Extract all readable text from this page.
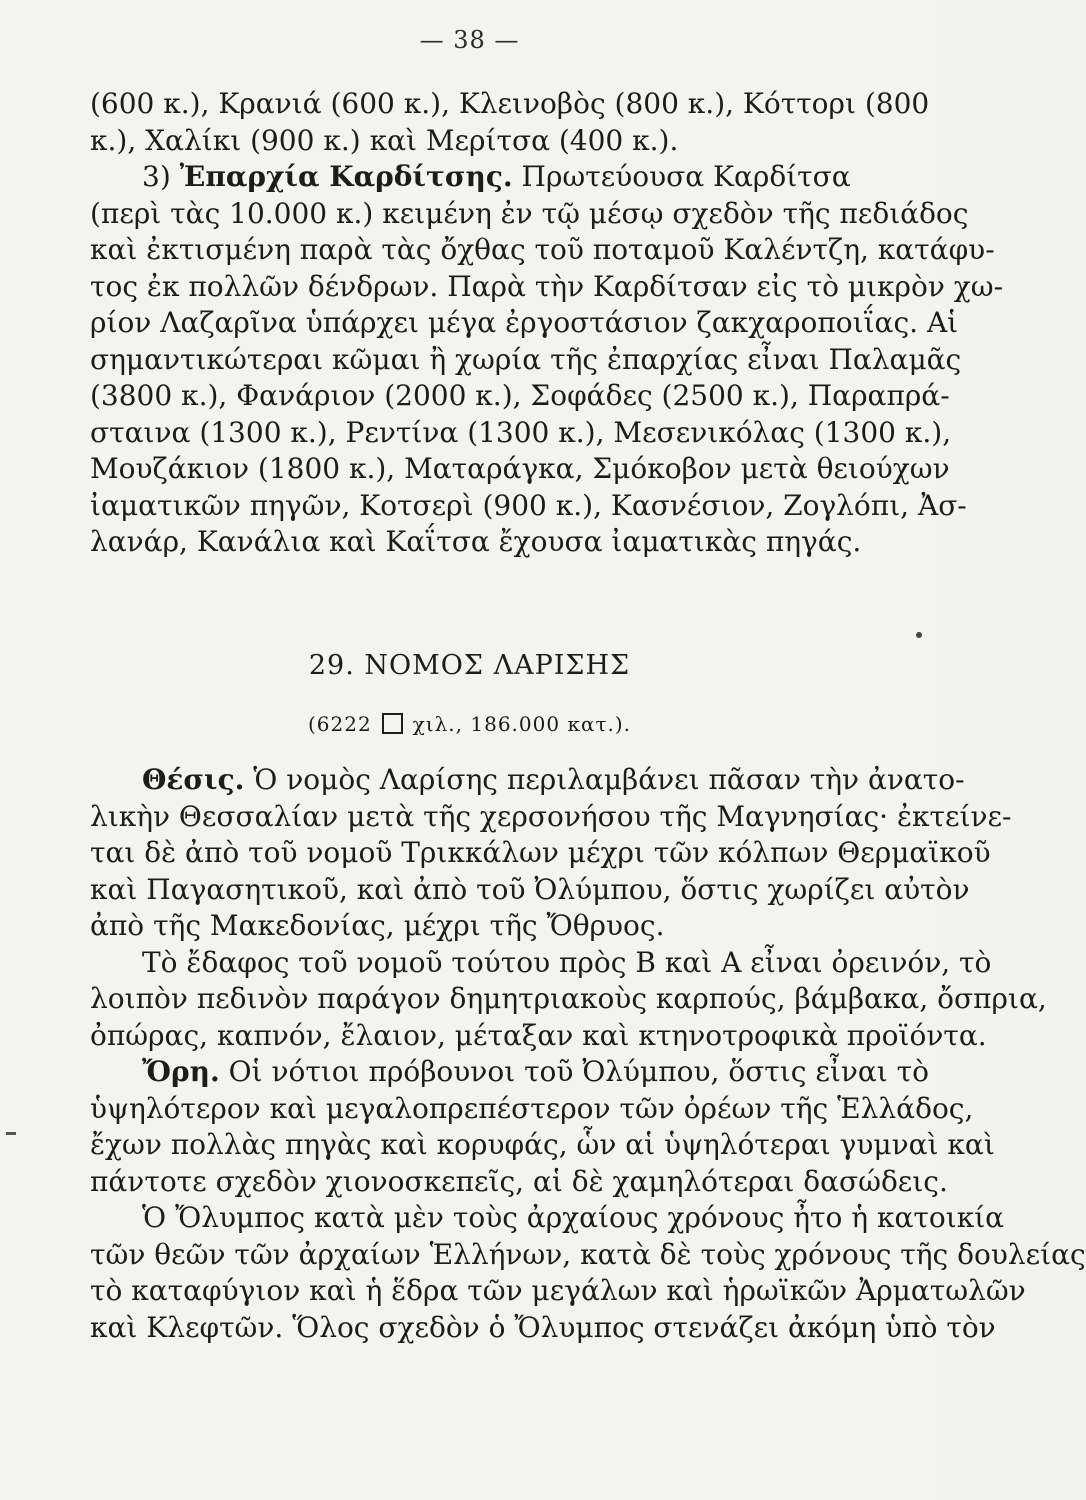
— 38 —
(600 κ.), Κρανιά (600 κ.), Κλεινοβὸς (800 κ.), Κόττορι (800
κ.), Χαλίκι (900 κ.) καὶ Μερίτσα (400 κ.).
3) Ἐπαρχία Καρδίτσης. Πρωτεύουσα Καρδίτσα
(περὶ τὰς 10.000 κ.) κειμένη ἐν τῷ μέσῳ σχεδὸν τῆς πεδιάδος
καὶ ἐκτισμένη παρὰ τὰς ὄχθας τοῦ ποταμοῦ Καλέντζη, κατάφυ-
τος ἐκ πολλῶν δένδρων. Παρὰ τὴν Καρδίτσαν εἰς τὸ μικρὸν χω-
ρίον Λαζαρῖνα ὑπάρχει μέγα ἐργοστάσιον ζακχαροποιΐας. Αἱ
σημαντικώτεραι κῶμαι ἢ χωρία τῆς ἐπαρχίας εἶναι Παλαμᾶς
(3800 κ.), Φανάριον (2000 κ.), Σοφάδες (2500 κ.), Παραπρά-
σταινα (1300 κ.), Ρεντίνα (1300 κ.), Μεσενικόλας (1300 κ.),
Μουζάκιον (1800 κ.), Ματαράγκα, Σμόκοβον μετὰ θειούχων
ἰαματικῶν πηγῶν, Κοτσερὶ (900 κ.), Κασνέσιον, Ζογλόπι, Ἀσ-
λανάρ, Κανάλια καὶ Καΐτσα ἔχουσα ἰαματικὰς πηγάς.
29. ΝΟΜΟΣ ΛΑΡΙΣΗΣ
(6222 χιλ., 186.000 κατ.).
Θέσις. Ὁ νομὸς Λαρίσης περιλαμβάνει πᾶσαν τὴν ἀνατο-
λικὴν Θεσσαλίαν μετὰ τῆς χερσονήσου τῆς Μαγνησίας· ἐκτείνε-
ται δὲ ἀπὸ τοῦ νομοῦ Τρικκάλων μέχρι τῶν κόλπων Θερμαϊκοῦ
καὶ Παγασητικοῦ, καὶ ἀπὸ τοῦ Ὀλύμπου, ὅστις χωρίζει αὐτὸν
ἀπὸ τῆς Μακεδονίας, μέχρι τῆς Ὄθρυος.
Τὸ ἔδαφος τοῦ νομοῦ τούτου πρὸς Β καὶ Α εἶναι ὀρεινόν, τὸ
λοιπὸν πεδινὸν παράγον δημητριακοὺς καρπούς, βάμβακα, ὄσπρια,
ὀπώρας, καπνόν, ἔλαιον, μέταξαν καὶ κτηνοτροφικὰ προϊόντα.
Ὄρη. Οἱ νότιοι πρόβουνοι τοῦ Ὀλύμπου, ὅστις εἶναι τὸ
ὑψηλότερον καὶ μεγαλοπρεπέστερον τῶν ὀρέων τῆς Ἑλλάδος,
ἔχων πολλὰς πηγὰς καὶ κορυφάς, ὧν αἱ ὑψηλότεραι γυμναὶ καὶ
πάντοτε σχεδὸν χιονοσκεπεῖς, αἱ δὲ χαμηλότεραι δασώδεις.
Ὁ Ὄλυμπος κατὰ μὲν τοὺς ἀρχαίους χρόνους ἦτο ἡ κατοικία
τῶν θεῶν τῶν ἀρχαίων Ἑλλήνων, κατὰ δὲ τοὺς χρόνους τῆς δουλείας
τὸ καταφύγιον καὶ ἡ ἕδρα τῶν μεγάλων καὶ ἡρωϊκῶν Ἀρματωλῶν
καὶ Κλεφτῶν. Ὅλος σχεδὸν ὁ Ὄλυμπος στενάζει ἀκόμη ὑπὸ τὸν
